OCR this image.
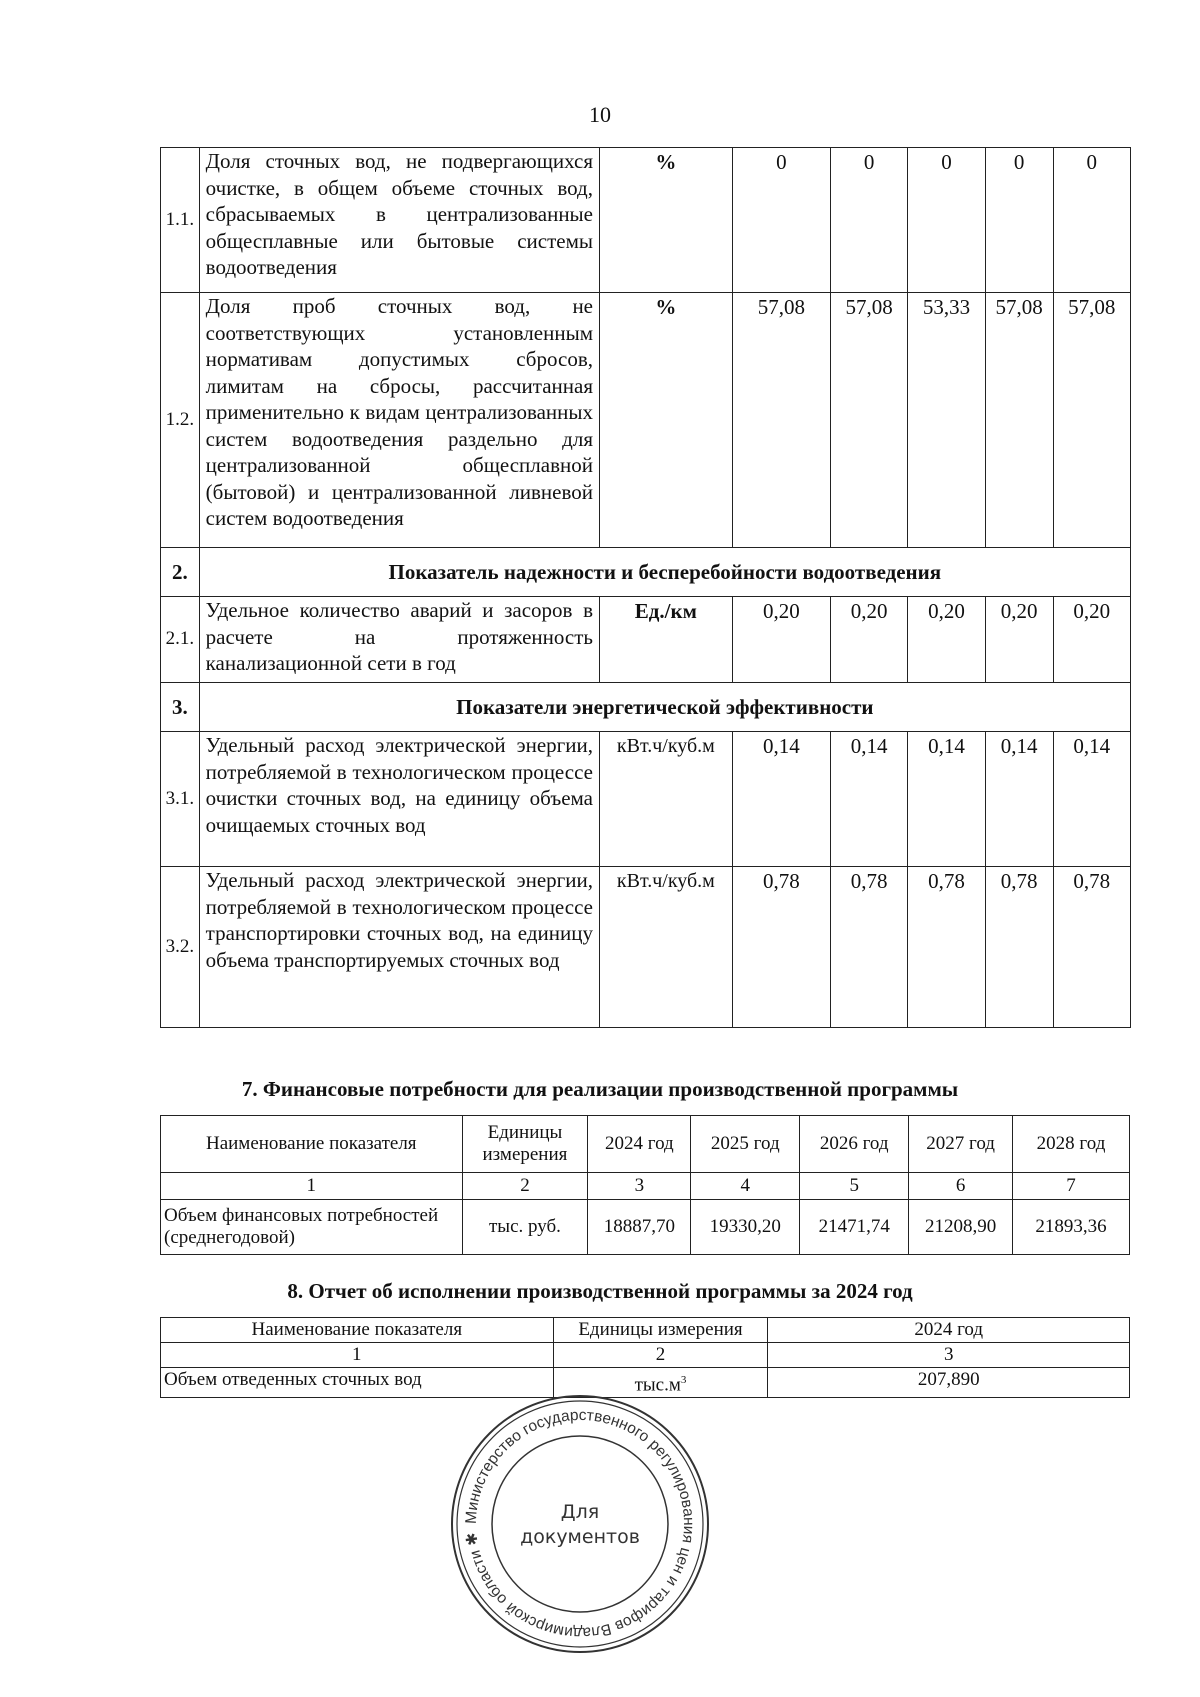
10
1.1.	Доля сточных вод, не подвергающихся очистке, в общем объеме сточных вод, сбрасываемых в централизованные общесплавные или бытовые системы водоотведения	%	0	0	0	0	0
1.2.	Доля проб сточных вод, не соответствующих установленным нормативам допустимых сбросов, лимитам на сбросы, рассчитанная применительно к видам централизованных систем водоотведения раздельно для централизованной общесплавной (бытовой) и централизованной ливневой систем водоотведения	%	57,08	57,08	53,33	57,08	57,08
2.	Показатель надежности и бесперебойности водоотведения						
2.1.	Удельное количество аварий и засоров в расчете на протяженность канализационной сети в год	Ед./км	0,20	0,20	0,20	0,20	0,20
3.	Показатели энергетической эффективности						
3.1.	Удельный расход электрической энергии, потребляемой в технологическом процессе очистки сточных вод, на единицу объема очищаемых сточных вод	кВт.ч/куб.м	0,14	0,14	0,14	0,14	0,14
3.2.	Удельный расход электрической энергии, потребляемой в технологическом процессе транспортировки сточных вод, на единицу объема транспортируемых сточных вод	кВт.ч/куб.м	0,78	0,78	0,78	0,78	0,78
7. Финансовые потребности для реализации производственной программы
Наименование показателя	Единицы измерения	2024 год	2025 год	2026 год	2027 год	2028 год
1	2	3	4	5	6	7
Объем финансовых потребностей (среднегодовой)	тыс. руб.	18887,70	19330,20	21471,74	21208,90	21893,36
8. Отчет об исполнении производственной программы за 2024 год
Наименование показателя	Единицы измерения	2024 год
1	2	3
Объем отведенных сточных вод	$тыс.м^3$	207,890
Министерство государственного регулирования цен и тарифов Владимирской области ✱
Для
документов
